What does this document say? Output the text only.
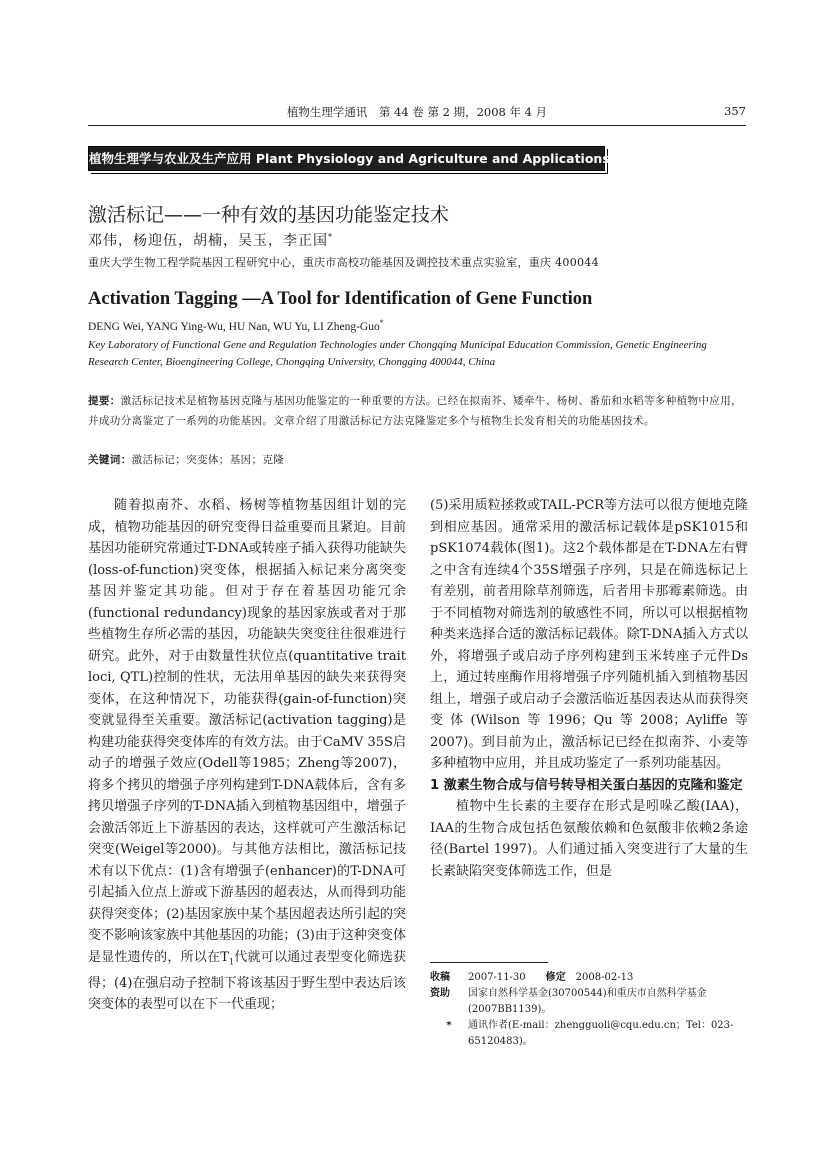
植物生理学通讯　第 44 卷 第 2 期，2008 年 4 月	357
植物生理学与农业及生产应用 Plant Physiology and Agriculture and Applications
激活标记——一种有效的基因功能鉴定技术
邓伟，杨迎伍，胡楠，吴玉，李正国*
重庆大学生物工程学院基因工程研究中心，重庆市高校功能基因及调控技术重点实验室，重庆 400044
Activation Tagging —A Tool for Identification of Gene Function
DENG Wei, YANG Ying-Wu, HU Nan, WU Yu, LI Zheng-Guo*
Key Laboratory of Functional Gene and Regulation Technologies under Chongqing Municipal Education Commission, Genetic Engineering Research Center, Bioengineering College, Chongqing University, Chongging 400044, China
提要：激活标记技术是植物基因克隆与基因功能鉴定的一种重要的方法。已经在拟南芥、矮牵牛、杨树、番茄和水稻等多种植物中应用，并成功分离鉴定了一系列的功能基因。文章介绍了用激活标记方法克隆鉴定多个与植物生长发育相关的功能基因技术。
关键词：激活标记；突变体；基因；克隆

随着拟南芥、水稻、杨树等植物基因组计划的完成，植物功能基因的研究变得日益重要而且紧迫。目前基因功能研究常通过T-DNA或转座子插入获得功能缺失(loss-of-function)突变体，根据插入标记来分离突变基因并鉴定其功能。但对于存在着基因功能冗余(functional redundancy)现象的基因家族或者对于那些植物生存所必需的基因，功能缺失突变往往很难进行研究。此外，对于由数量性状位点(quantitative trait loci, QTL)控制的性状，无法用单基因的缺失来获得突变体，在这种情况下，功能获得(gain-of-function)突变就显得至关重要。激活标记(activation tagging)是构建功能获得突变体库的有效方法。由于CaMV 35S启动子的增强子效应(Odell等1985；Zheng等2007)，将多个拷贝的增强子序列构建到T-DNA载体后，含有多拷贝增强子序列的T-DNA插入到植物基因组中，增强子会激活邻近上下游基因的表达，这样就可产生激活标记突变(Weigel等2000)。与其他方法相比，激活标记技术有以下优点：(1)含有增强子(enhancer)的T-DNA可引起插入位点上游或下游基因的超表达，从而得到功能获得突变体；(2)基因家族中某个基因超表达所引起的突变不影响该家族中其他基因的功能；(3)由于这种突变体是显性遗传的，所以在$T_1$代就可以通过表型变化筛选获得；(4)在强启动子控制下将该基因于野生型中表达后该突变体的表型可以在下一代重现；

(5)采用质粒拯救或TAIL-PCR等方法可以很方便地克隆到相应基因。通常采用的激活标记载体是pSK1015和pSK1074载体(图1)。这2个载体都是在T-DNA左右臂之中含有连续4个35S增强子序列，只是在筛选标记上有差别，前者用除草剂筛选，后者用卡那霉素筛选。由于不同植物对筛选剂的敏感性不同，所以可以根据植物种类来选择合适的激活标记载体。除T-DNA插入方式以外，将增强子或启动子序列构建到玉米转座子元件Ds上，通过转座酶作用将增强子序列随机插入到植物基因组上，增强子或启动子会激活临近基因表达从而获得突变体(Wilson等1996；Qu等2008；Ayliffe等2007)。到目前为止，激活标记已经在拟南芥、小麦等多种植物中应用，并且成功鉴定了一系列功能基因。

1 激素生物合成与信号转导相关蛋白基因的克隆和鉴定

植物中生长素的主要存在形式是吲哚乙酸(IAA)，IAA的生物合成包括色氨酸依赖和色氨酸非依赖2条途径(Bartel 1997)。人们通过插入突变进行了大量的生长素缺陷突变体筛选工作，但是

收稿	2007-11-30　　 修定　 2008-02-13
资助	国家自然科学基金(30700544)和重庆市自然科学基金(2007BB1139)。
*	通讯作者(E-mail：zhengguoli@cqu.edu.cn；Tel：023-65120483)。
